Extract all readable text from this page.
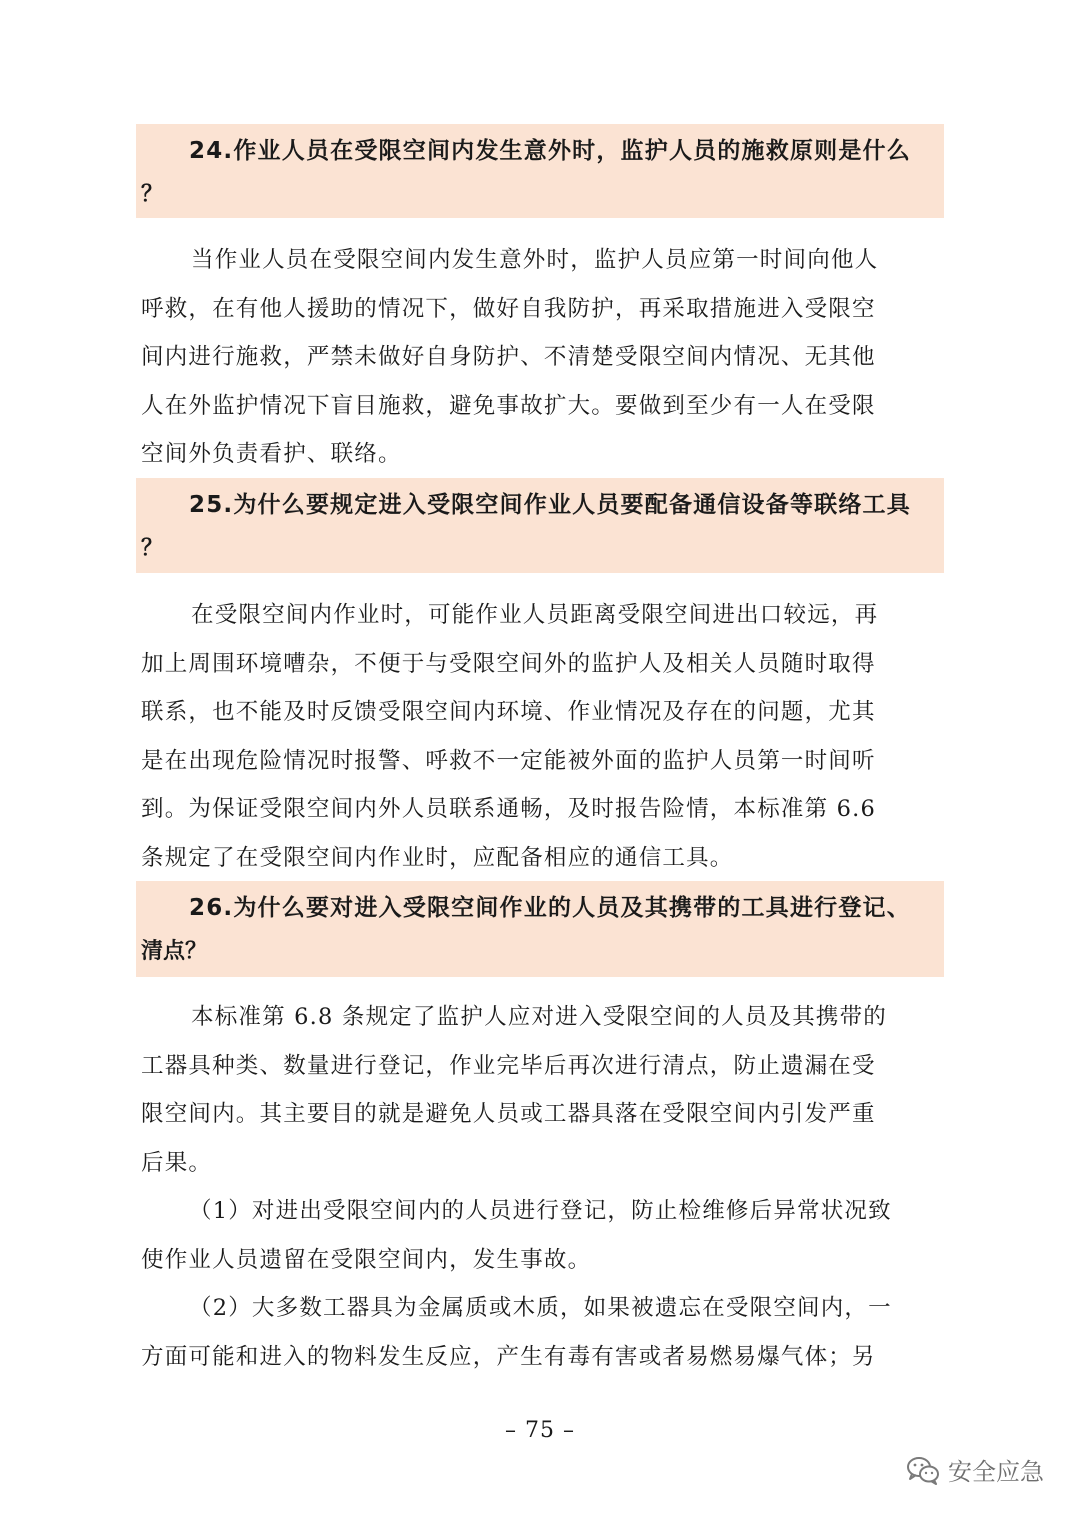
24.作业人员在受限空间内发生意外时，监护人员的施救原则是什么
？
当作业人员在受限空间内发生意外时，监护人员应第一时间向他人
呼救，在有他人援助的情况下，做好自我防护，再采取措施进入受限空
间内进行施救，严禁未做好自身防护、不清楚受限空间内情况、无其他
人在外监护情况下盲目施救，避免事故扩大。要做到至少有一人在受限
空间外负责看护、联络。
25.为什么要规定进入受限空间作业人员要配备通信设备等联络工具
？
在受限空间内作业时，可能作业人员距离受限空间进出口较远，再
加上周围环境嘈杂，不便于与受限空间外的监护人及相关人员随时取得
联系，也不能及时反馈受限空间内环境、作业情况及存在的问题，尤其
是在出现危险情况时报警、呼救不一定能被外面的监护人员第一时间听
到。为保证受限空间内外人员联系通畅，及时报告险情，本标准第 6.6
条规定了在受限空间内作业时，应配备相应的通信工具。
26.为什么要对进入受限空间作业的人员及其携带的工具进行登记、
清点？
本标准第 6.8 条规定了监护人应对进入受限空间的人员及其携带的
工器具种类、数量进行登记，作业完毕后再次进行清点，防止遗漏在受
限空间内。其主要目的就是避免人员或工器具落在受限空间内引发严重
后果。
（1）对进出受限空间内的人员进行登记，防止检维修后异常状况致
使作业人员遗留在受限空间内，发生事故。
（2）大多数工器具为金属质或木质，如果被遗忘在受限空间内，一
方面可能和进入的物料发生反应，产生有毒有害或者易燃易爆气体；另
– 75 –
安全应急
